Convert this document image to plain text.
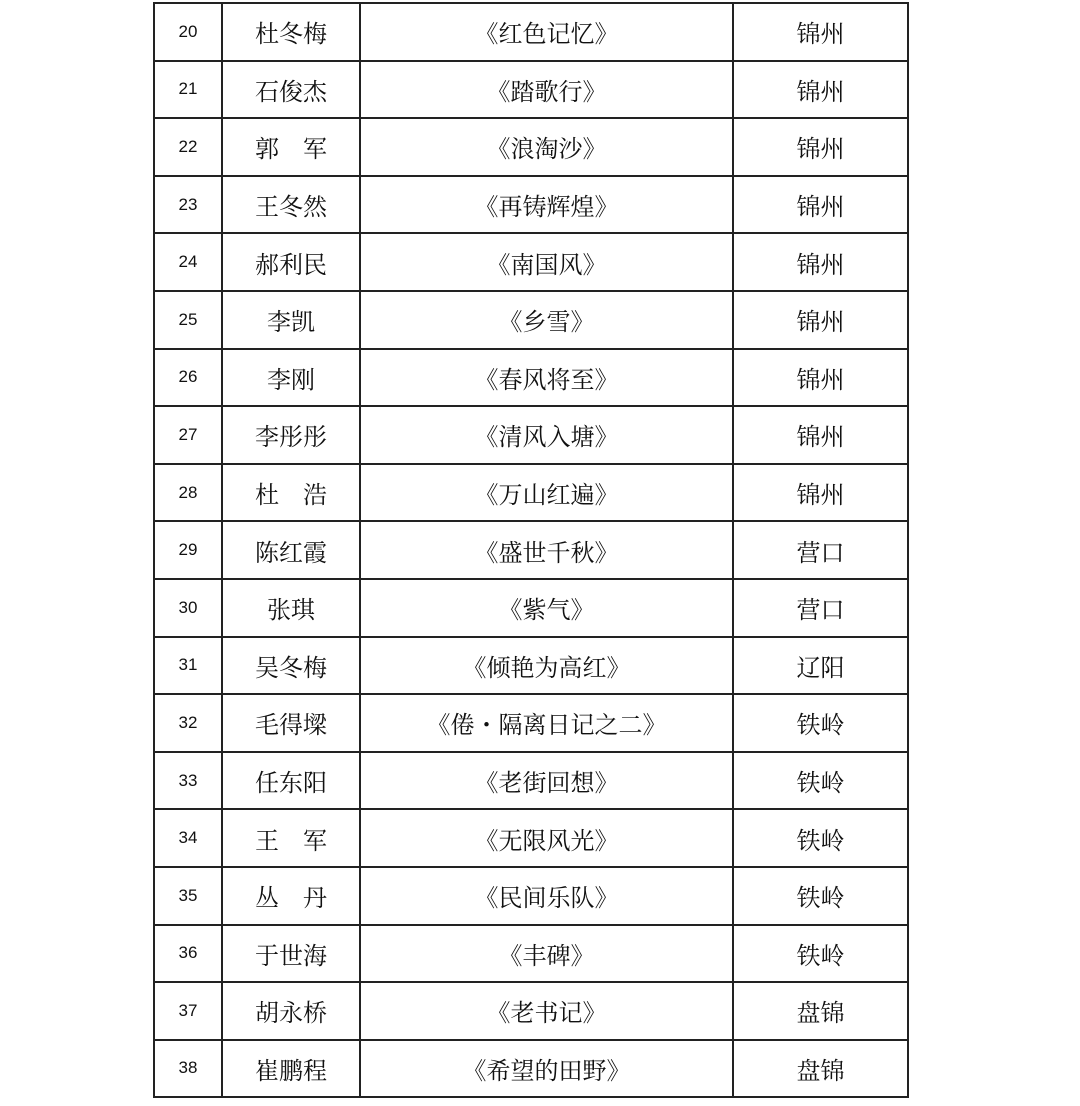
20	杜冬梅	《红色记忆》	锦州
21	石俊杰	《踏歌行》	锦州
22	郭　军	《浪淘沙》	锦州
23	王冬然	《再铸辉煌》	锦州
24	郝利民	《南国风》	锦州
25	李凯	《乡雪》	锦州
26	李刚	《春风将至》	锦州
27	李彤彤	《清风入塘》	锦州
28	杜　浩	《万山红遍》	锦州
29	陈红霞	《盛世千秋》	营口
30	张琪	《紫气》	营口
31	吴冬梅	《倾艳为高红》	辽阳
32	毛得墚	《倦・隔离日记之二》	铁岭
33	任东阳	《老街回想》	铁岭
34	王　军	《无限风光》	铁岭
35	丛　丹	《民间乐队》	铁岭
36	于世海	《丰碑》	铁岭
37	胡永桥	《老书记》	盘锦
38	崔鹏程	《希望的田野》	盘锦
